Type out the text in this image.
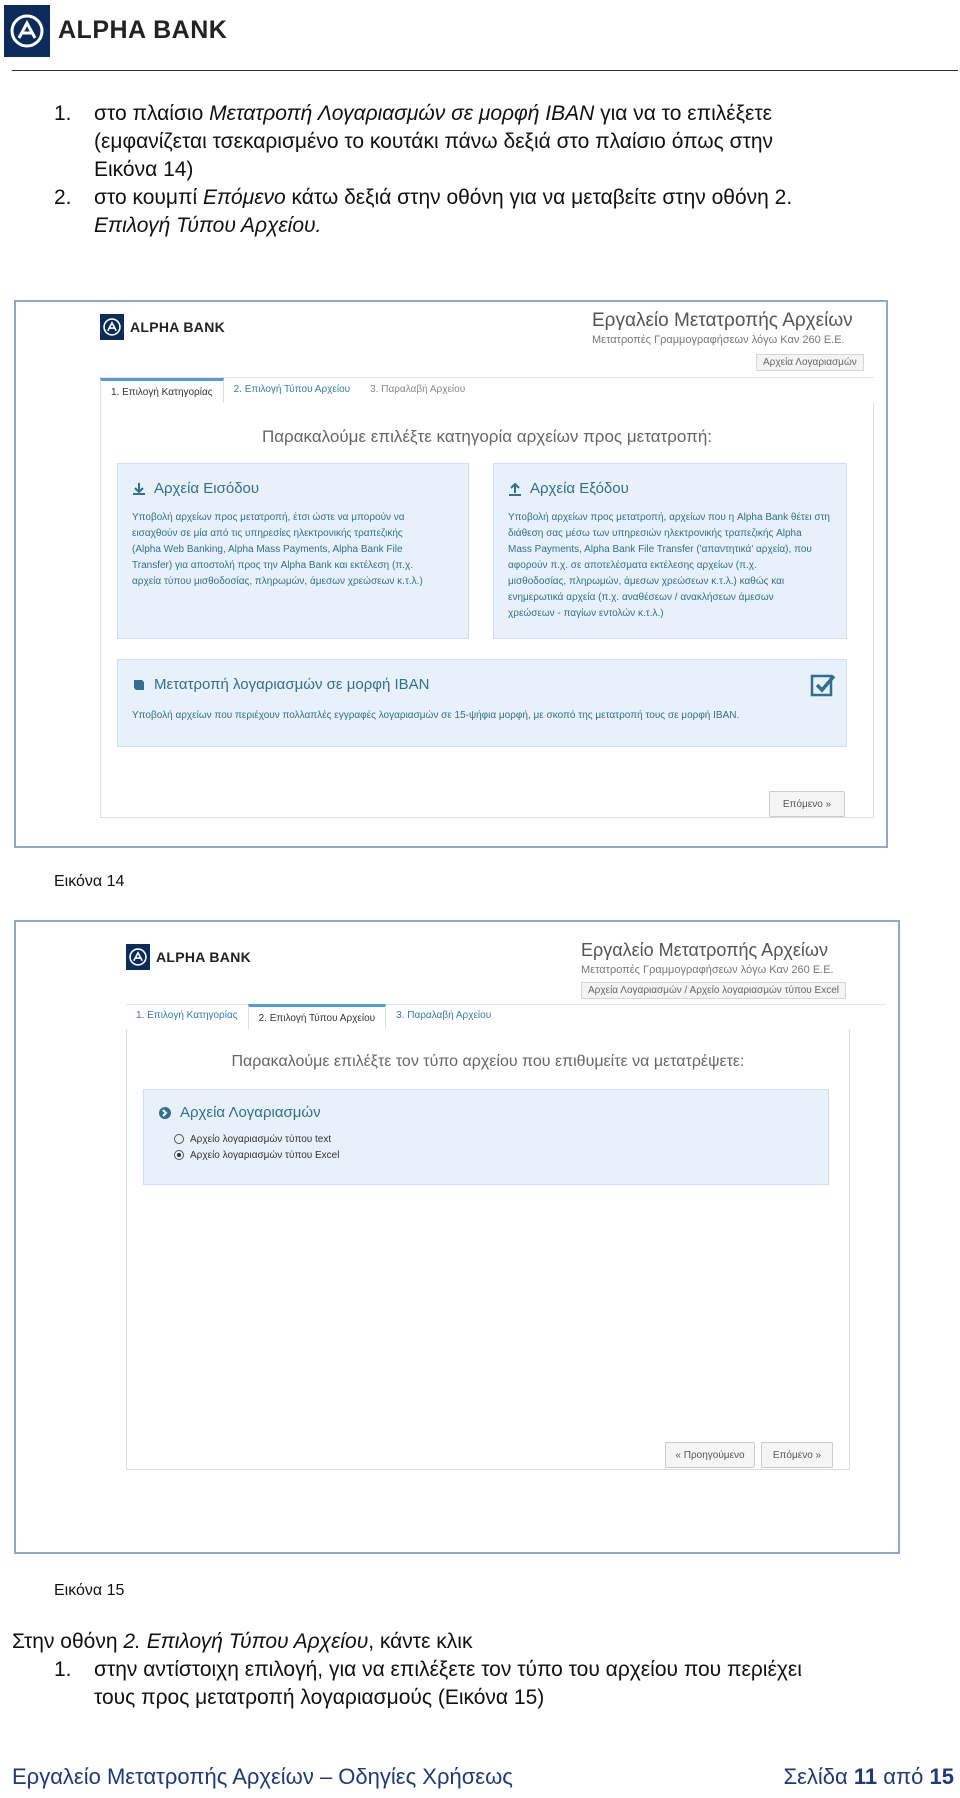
ALPHA BANK
1. στο πλαίσιο Μετατροπή Λογαριασμών σε μορφή IBAN για να το επιλέξετε
(εμφανίζεται τσεκαρισμένο το κουτάκι πάνω δεξιά στο πλαίσιο όπως στην
Εικόνα 14)
2. στο κουμπί Επόμενο κάτω δεξιά στην οθόνη για να μεταβείτε στην οθόνη 2.
Επιλογή Τύπου Αρχείου.
ALPHA BANK	Εργαλείο Μετατροπής Αρχείων
Μετατροπές Γραμμογραφήσεων λόγω Καν 260 Ε.Ε.
Αρχεία Λογαριασμών
1. Επιλογή Κατηγορίας	2. Επιλογή Τύπου Αρχείου	3. Παραλαβή Αρχείου
Παρακαλούμε επιλέξτε κατηγορία αρχείων προς μετατροπή:
Αρχεία Εισόδου
Υποβολή αρχείων προς μετατροπή, έτσι ώστε να μπορούν να
εισαχθούν σε μία από τις υπηρεσίες ηλεκτρονικής τραπεζικής
(Alpha Web Banking, Alpha Mass Payments, Alpha Bank File
Transfer) για αποστολή προς την Alpha Bank και εκτέλεση (π.χ.
αρχεία τύπου μισθοδοσίας, πληρωμών, άμεσων χρεώσεων κ.τ.λ.)
Αρχεία Εξόδου
Υποβολή αρχείων προς μετατροπή, αρχείων που η Alpha Bank θέτει στη
διάθεση σας μέσω των υπηρεσιών ηλεκτρονικής τραπεζικής Alpha
Mass Payments, Alpha Bank File Transfer ('απαντητικά' αρχεία), που
αφορούν π.χ. σε αποτελέσματα εκτέλεσης αρχείων (π.χ.
μισθοδοσίας, πληρωμών, άμεσων χρεώσεων κ.τ.λ.) καθώς και
ενημερωτικά αρχεία (π.χ. αναθέσεων / ανακλήσεων άμεσων
χρεώσεων - παγίων εντολών κ.τ.λ.)
Μετατροπή λογαριασμών σε μορφή IBAN
Υποβολή αρχείων που περιέχουν πολλαπλές εγγραφές λογαριασμών σε 15-ψήφια μορφή, με σκοπό της μετατροπή τους σε μορφή IBAN.
Επόμενο »
Εικόνα 14
ALPHA BANK	Εργαλείο Μετατροπής Αρχείων
Μετατροπές Γραμμογραφήσεων λόγω Καν 260 Ε.Ε.
Αρχεία Λογαριασμών / Αρχείο λογαριασμών τύπου Excel
1. Επιλογή Κατηγορίας	2. Επιλογή Τύπου Αρχείου	3. Παραλαβή Αρχείου
Παρακαλούμε επιλέξτε τον τύπο αρχείου που επιθυμείτε να μετατρέψετε:
Αρχεία Λογαριασμών
Αρχείο λογαριασμών τύπου text
Αρχείο λογαριασμών τύπου Excel
« Προηγούμενο	Επόμενο »
Εικόνα 15
Στην οθόνη 2. Επιλογή Τύπου Αρχείου, κάντε κλικ
1. στην αντίστοιχη επιλογή, για να επιλέξετε τον τύπο του αρχείου που περιέχει
τους προς μετατροπή λογαριασμούς (Εικόνα 15)
Εργαλείο Μετατροπής Αρχείων – Οδηγίες Χρήσεως	Σελίδα 11 από 15
